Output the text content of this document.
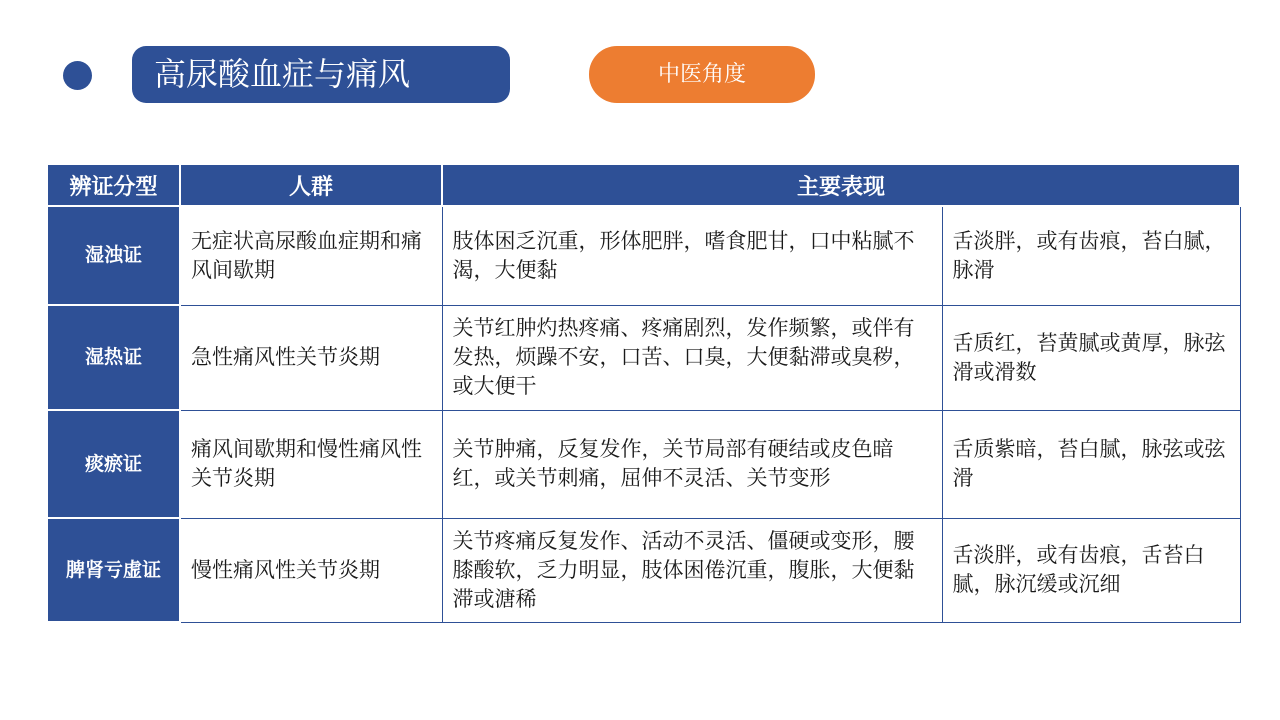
高尿酸血症与痛风	中医角度
辨证分型	人群	主要表现	
湿浊证	无症状高尿酸血症期和痛风间歇期	肢体困乏沉重，形体肥胖，嗜食肥甘，口中粘腻不渴，大便黏	舌淡胖，或有齿痕，苔白腻，脉滑
湿热证	急性痛风性关节炎期	关节红肿灼热疼痛、疼痛剧烈，发作频繁，或伴有发热，烦躁不安，口苦、口臭，大便黏滞或臭秽，或大便干	舌质红，苔黄腻或黄厚，脉弦滑或滑数
痰瘀证	痛风间歇期和慢性痛风性关节炎期	关节肿痛，反复发作，关节局部有硬结或皮色暗红，或关节刺痛，屈伸不灵活、关节变形	舌质紫暗，苔白腻，脉弦或弦滑
脾肾亏虚证	慢性痛风性关节炎期	关节疼痛反复发作、活动不灵活、僵硬或变形，腰膝酸软，乏力明显，肢体困倦沉重，腹胀，大便黏滞或溏稀	舌淡胖，或有齿痕，舌苔白腻，脉沉缓或沉细
